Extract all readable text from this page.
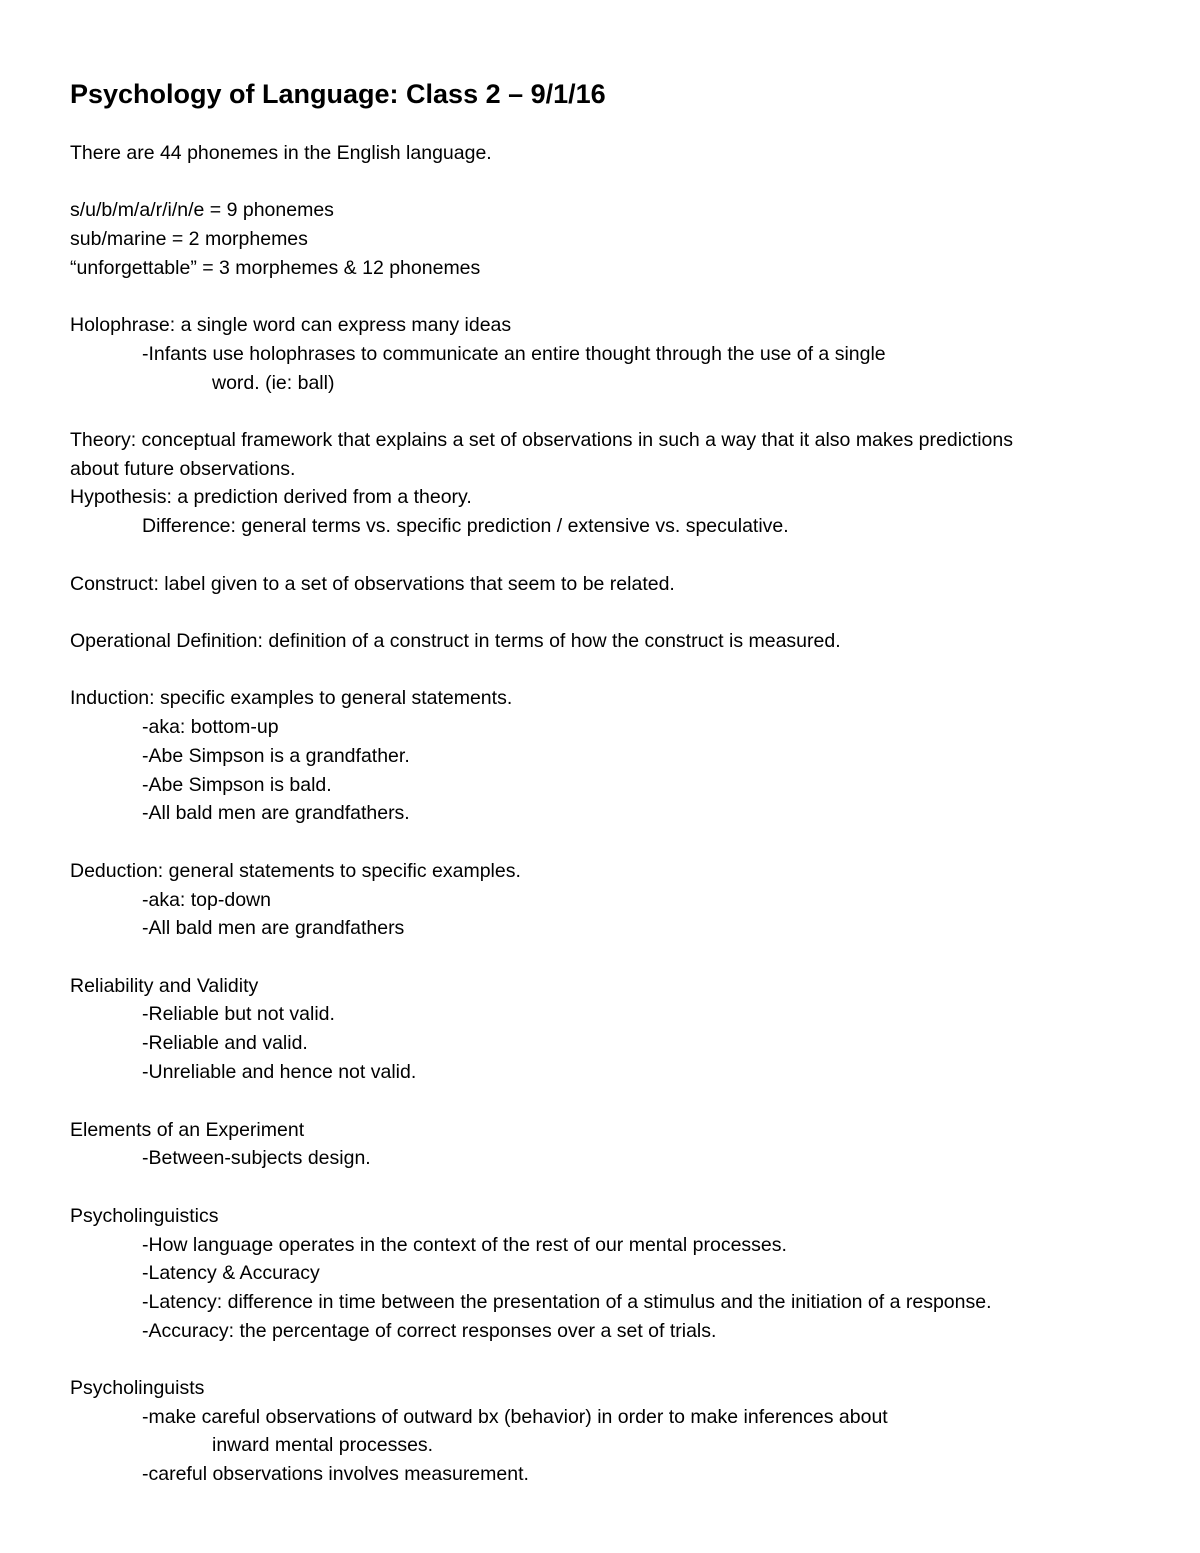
Psychology of Language: Class 2 – 9/1/16
There are 44 phonemes in the English language.
s/u/b/m/a/r/i/n/e = 9 phonemes
sub/marine = 2 morphemes
“unforgettable” = 3 morphemes & 12 phonemes
Holophrase: a single word can express many ideas
-Infants use holophrases to communicate an entire thought through the use of a single
word. (ie: ball)
Theory: conceptual framework that explains a set of observations in such a way that it also makes predictions
about future observations.
Hypothesis: a prediction derived from a theory.
Difference: general terms vs. specific prediction / extensive vs. speculative.
Construct: label given to a set of observations that seem to be related.
Operational Definition: definition of a construct in terms of how the construct is measured.
Induction: specific examples to general statements.
-aka: bottom-up
-Abe Simpson is a grandfather.
-Abe Simpson is bald.
-All bald men are grandfathers.
Deduction: general statements to specific examples.
-aka: top-down
-All bald men are grandfathers
Reliability and Validity
-Reliable but not valid.
-Reliable and valid.
-Unreliable and hence not valid.
Elements of an Experiment
-Between-subjects design.
Psycholinguistics
-How language operates in the context of the rest of our mental processes.
-Latency & Accuracy
-Latency: difference in time between the presentation of a stimulus and the initiation of a response.
-Accuracy: the percentage of correct responses over a set of trials.
Psycholinguists
-make careful observations of outward bx (behavior) in order to make inferences about
inward mental processes.
-careful observations involves measurement.
